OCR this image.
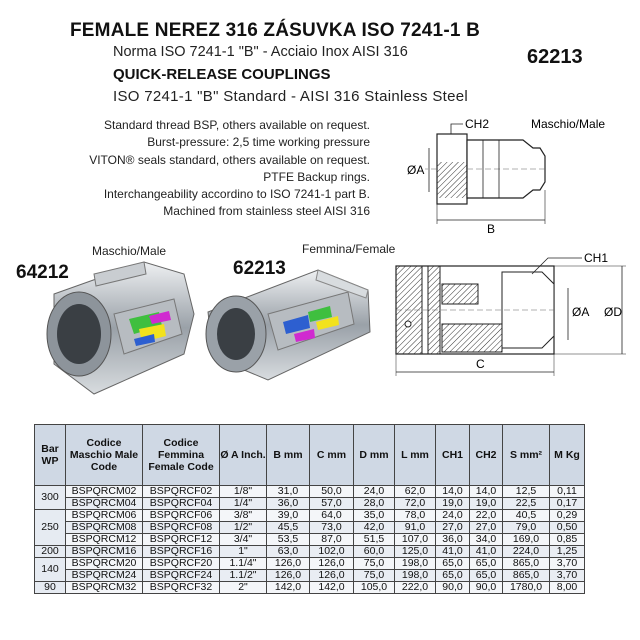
FEMALE NEREZ 316 ZÁSUVKA ISO 7241-1 B
Norma ISO 7241-1 "B" - Acciaio Inox AISI 316
QUICK-RELEASE COUPLINGS
ISO 7241-1 "B" Standard - AISI 316 Stainless Steel
62213
Standard thread BSP, others available on request.
Burst-pressure: 2,5 time working pressure
VITON® seals standard, others available on request.
PTFE Backup rings.
Interchangeability accordino to ISO 7241-1 part B.
Machined from stainless steel AISI 316
CH2
ØA
B
Maschio/Male
Maschio/Male
64212
Femmina/Female
62213	CH1
ØA ØD
C
Bar WP	Codice Maschio Male Code	Codice Femmina Female Code	Ø A Inch.	B mm	C mm	D mm	L mm	CH1	CH2	S mm²	M Kg
300	BSPQRCM02	BSPQRCF02	1/8"	31,0	50,0	24,0	62,0	14,0	14,0	12,5	0,11
	BSPQRCM04	BSPQRCF04	1/4"	36,0	57,0	28,0	72,0	19,0	19,0	22,5	0,17
250	BSPQRCM06	BSPQRCF06	3/8"	39,0	64,0	35,0	78,0	24,0	22,0	40,5	0,29
	BSPQRCM08	BSPQRCF08	1/2"	45,5	73,0	42,0	91,0	27,0	27,0	79,0	0,50
	BSPQRCM12	BSPQRCF12	3/4"	53,5	87,0	51,5	107,0	36,0	34,0	169,0	0,85
200	BSPQRCM16	BSPQRCF16	1"	63,0	102,0	60,0	125,0	41,0	41,0	224,0	1,25
140	BSPQRCM20	BSPQRCF20	1.1/4"	126,0	126,0	75,0	198,0	65,0	65,0	865,0	3,70
	BSPQRCM24	BSPQRCF24	1.1/2"	126,0	126,0	75,0	198,0	65,0	65,0	865,0	3,70
90	BSPQRCM32	BSPQRCF32	2"	142,0	142,0	105,0	222,0	90,0	90,0	1780,0	8,00
